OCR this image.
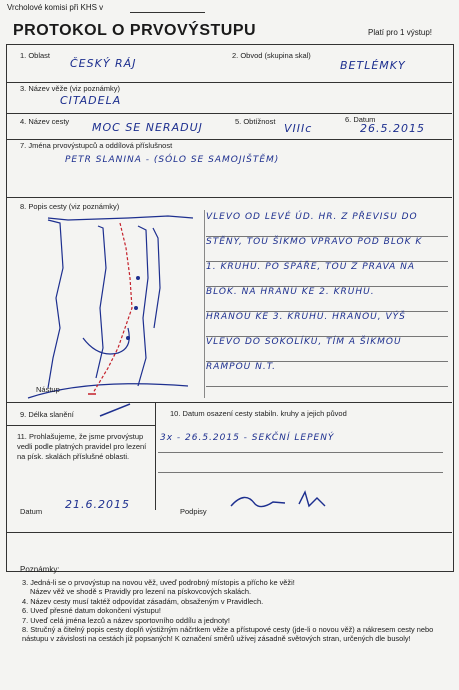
Vrcholové komisi při KHS v
PROTOKOL O PRVOVÝSTUPU	Platí pro 1 výstup!
1. Oblast
ČESKÝ RÁJ
2. Obvod (skupina skal)
BETLÉMKY
3. Název věže (viz poznámky)
CITADELA
4. Název cesty MOC SE NERADUJ	5. Obtížnost
VIIIc
6. Datum
26.5.2015
7. Jména prvovýstupců a oddílová příslušnost
PETR SLANINA - (SÓLO SE SAMOJIŠTĚM)
8. Popis cesty (viz poznámky)
Nástup
VLEVO OD LEVÉ ÚD. HR. Z PŘEVISU DO
STĚNY, TOU ŠIKMO VPRAVO POD BLOK K
1. KRUHU. PO SPÁŘE, TOU Z PRAVA NA
BLOK. NA HRANU KE 2. KRUHU.
HRANOU KE 3. KRUHU. HRANOU, VÝŠ
VLEVO DO SOKOLÍKU, TÍM A ŠIKMOU
RAMPOU N.T.
9. Délka slanění	10. Datum osazení cesty stabiln. kruhy a jejich původ
3x - 26.5.2015 - SEKČNÍ LEPENÝ
11. Prohlašujeme, že jsme prvovýstup vedli podle platných pravidel pro lezení na písk. skalách příslušné oblasti.
Datum
21.6.2015
Podpisy
Poznámky:
3. Jedná-li se o prvovýstup na novou věž, uveď podrobný místopis a přícho ke věži!
Název věž ve shodě s Pravidly pro lezení na pískovcových skalách.
4. Název cesty musí taktéž odpovídat zásadám, obsaženým v Pravidlech.
6. Uveď přesné datum dokončení výstupu!
7. Uveď celá jména lezců a název sportovního oddílu a jednoty!
8. Stručný a čitelný popis cesty doplň výstižným náčrtkem věže a přístupové cesty (jde-li o novou věž) a nákresem cesty nebo nástupu v závislosti na cestách již popsaných! K označení směrů užívej zásadně světových stran, určených dle busoly!
